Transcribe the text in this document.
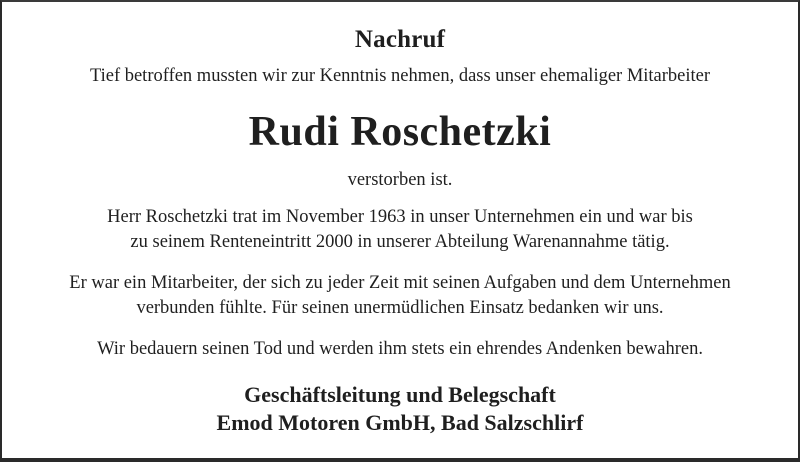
Nachruf
Tief betroffen mussten wir zur Kenntnis nehmen, dass unser ehemaliger Mitarbeiter
Rudi Roschetzki
verstorben ist.
Herr Roschetzki trat im November 1963 in unser Unternehmen ein und war bis
zu seinem Renteneintritt 2000 in unserer Abteilung Warenannahme tätig.
Er war ein Mitarbeiter, der sich zu jeder Zeit mit seinen Aufgaben und dem Unternehmen
verbunden fühlte. Für seinen unermüdlichen Einsatz bedanken wir uns.
Wir bedauern seinen Tod und werden ihm stets ein ehrendes Andenken bewahren.
Geschäftsleitung und Belegschaft
Emod Motoren GmbH, Bad Salzschlirf
